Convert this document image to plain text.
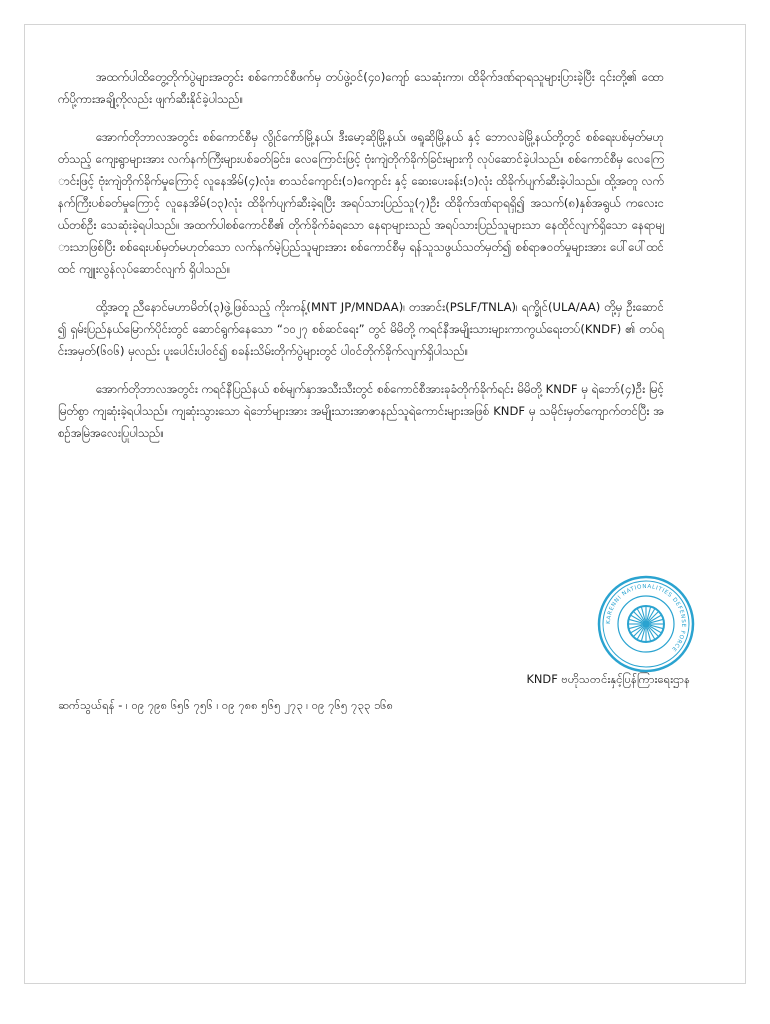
အထက်ပါထိတွေ့တိုက်ပွဲများအတွင်း စစ်ကောင်စီဖက်မှ တပ်ဖွဲ့ဝင်(၄၀)ကျော် သေဆုံးကာ၊ ထိခိုက်ဒဏ်ရာရသူများပြားခဲ့ပြီး ၎င်းတို့၏ ထောက်ပို့ကားအချို့ကိုလည်း ဖျက်ဆီးနိုင်ခဲ့ပါသည်။

အောက်တိုဘာလအတွင်း စစ်ကောင်စီမှ လွိုင်ကော်မြို့နယ်၊ ဒီးမော့ဆိုမြို့နယ်၊ ဖရူဆိုမြို့နယ် နှင့် ဘောလခဲမြို့နယ်တို့တွင် စစ်ရေးပစ်မှတ်မဟုတ်သည့် ကျေးရွာများအား လက်နက်ကြီးများပစ်ခတ်ခြင်း၊ လေကြောင်းဖြင့် ဗုံးကျဲတိုက်ခိုက်ခြင်းများကို လုပ်ဆောင်ခဲ့ပါသည်။ စစ်ကောင်စီမှ လေကြောင်းဖြင့် ဗုံးကျဲတိုက်ခိုက်မှုကြောင့် လူနေအိမ်(၄)လုံး၊ စာသင်ကျောင်း(၁)ကျောင်း နှင့် ဆေးပေးခန်း(၁)လုံး ထိခိုက်ပျက်ဆီးခဲ့ပါသည်။ ထို့အတူ လက်နက်ကြီးပစ်ခတ်မှုကြောင့် လူနေအိမ်(၁၃)လုံး ထိခိုက်ပျက်ဆီးခဲ့ရပြီး အရပ်သားပြည်သူ(၇)ဦး ထိခိုက်ဒဏ်ရာရရှိ၍ အသက်(၈)နှစ်အရွယ် ကလေးငယ်တစ်ဦး သေဆုံးခဲ့ရပါသည်။ အထက်ပါစစ်ကောင်စီ၏ တိုက်ခိုက်ခံရသော နေရာများသည် အရပ်သားပြည်သူများသာ နေထိုင်လျက်ရှိသော နေရာများသာဖြစ်ပြီး စစ်ရေးပစ်မှတ်မဟုတ်သော လက်နက်မဲ့ပြည်သူများအား စစ်ကောင်စီမှ ရန်သူသဖွယ်သတ်မှတ်၍ စစ်ရာဇဝတ်မှုများအား ပေါ်ပေါ်ထင်ထင် ကျူးလွန်လုပ်ဆောင်လျက် ရှိပါသည်။

ထို့အတူ ညီနောင်မဟာမိတ်(၃)ဖွဲ့ဖြစ်သည့် ကိုးကန့်(MNT JP/MNDAA)၊ တအာင်း(PSLF/TNLA)၊ ရက္ခိုင်(ULA/AA) တို့မှ ဦးဆောင်၍ ရှမ်းပြည်နယ်မြောက်ပိုင်းတွင် ဆောင်ရွက်နေသော “၁၀၂၇ စစ်ဆင်ရေး” တွင် မိမိတို့ ကရင်နီအမျိုးသားများကာကွယ်ရေးတပ်(KNDF) ၏ တပ်ရင်းအမှတ်(၆၀၆) မှလည်း ပူးပေါင်းပါဝင်၍ စခန်းသိမ်းတိုက်ပွဲများတွင် ပါဝင်တိုက်ခိုက်လျက်ရှိပါသည်။

အောက်တိုဘာလအတွင်း ကရင်နီပြည်နယ် စစ်မျက်နှာအသီးသီးတွင် စစ်ကောင်စီအားခုခံတိုက်ခိုက်ရင်း မိမိတို့ KNDF မှ ရဲဘော်(၄)ဦး မြင့်မြတ်စွာ ကျဆုံးခဲ့ရပါသည်။ ကျဆုံးသွားသော ရဲဘော်များအား အမျိုးသားအာဇာနည်သူရဲကောင်းများအဖြစ် KNDF မှ သမိုင်းမှတ်ကျောက်တင်ပြီး အစဉ်အမြဲအလေးပြုပါသည်။

KARENNI NATIONALITIES DEFENSE FORCE
KNDF ဗဟိုသတင်းနှင့်ပြန်ကြားရေးဌာန
ဆက်သွယ်ရန် - ၊ ၀၉ ၇၉၈ ၆၅၆ ၇၅၆ ၊ ၀၉ ၇၈၈ ၅၆၅ ၂၇၃ ၊ ၀၉ ၇၆၅ ၇၃၃ ၁၆၈
